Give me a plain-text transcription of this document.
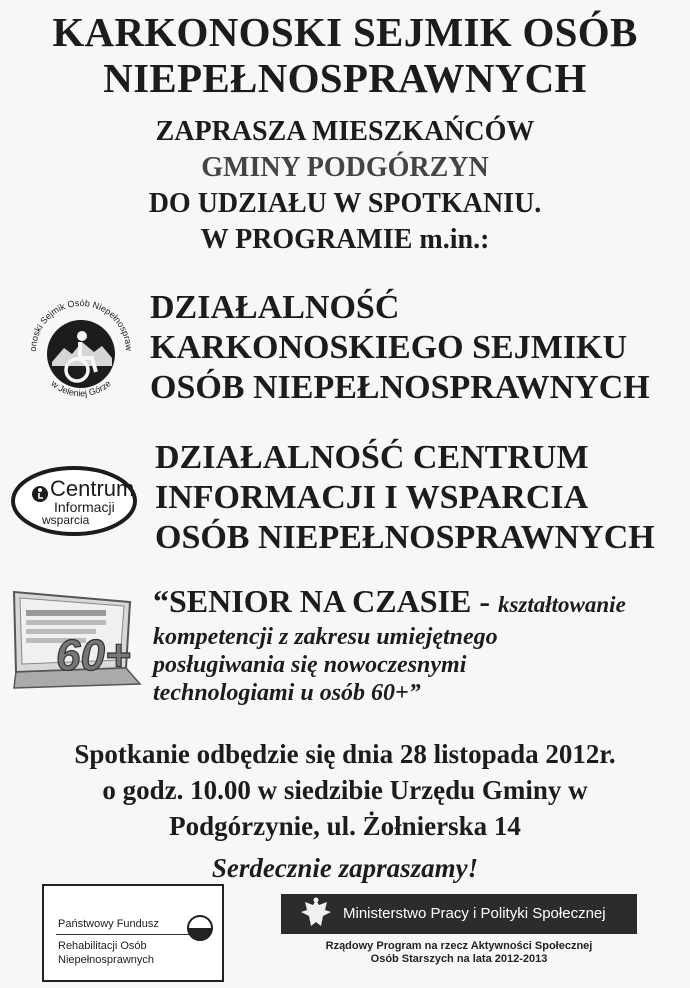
KARKONOSKI SEJMIK OSÓB
NIEPEŁNOSPRAWNYCH
ZAPRASZA MIESZKAŃCÓW
GMINY PODGÓRZYN
DO UDZIAŁU W SPOTKANIU.
W PROGRAMIE m.in.:
onoski Sejmik Osób Niepełnospraw
w Jeleniej Górze
DZIAŁALNOŚĆ
KARKONOSKIEGO SEJMIKU
OSÓB NIEPEŁNOSPRAWNYCH
Centrum
Informacji
wsparcia
DZIAŁALNOŚĆ CENTRUM
INFORMACJI I WSPARCIA
OSÓB NIEPEŁNOSPRAWNYCH
60+
“SENIOR NA CZASIE - kształtowanie
kompetencji z zakresu umiejętnego
posługiwania się nowoczesnymi
technologiami u osób 60+”
Spotkanie odbędzie się dnia 28 listopada 2012r.
o godz. 10.00 w siedzibie Urzędu Gminy w
Podgórzynie, ul. Żołnierska 14
Serdecznie zapraszamy!
Państwowy Fundusz
Rehabilitacji Osób
Niepełnosprawnych
Ministerstwo Pracy i Polityki Społecznej
Rządowy Program na rzecz Aktywności Społecznej
Osób Starszych na lata 2012-2013
